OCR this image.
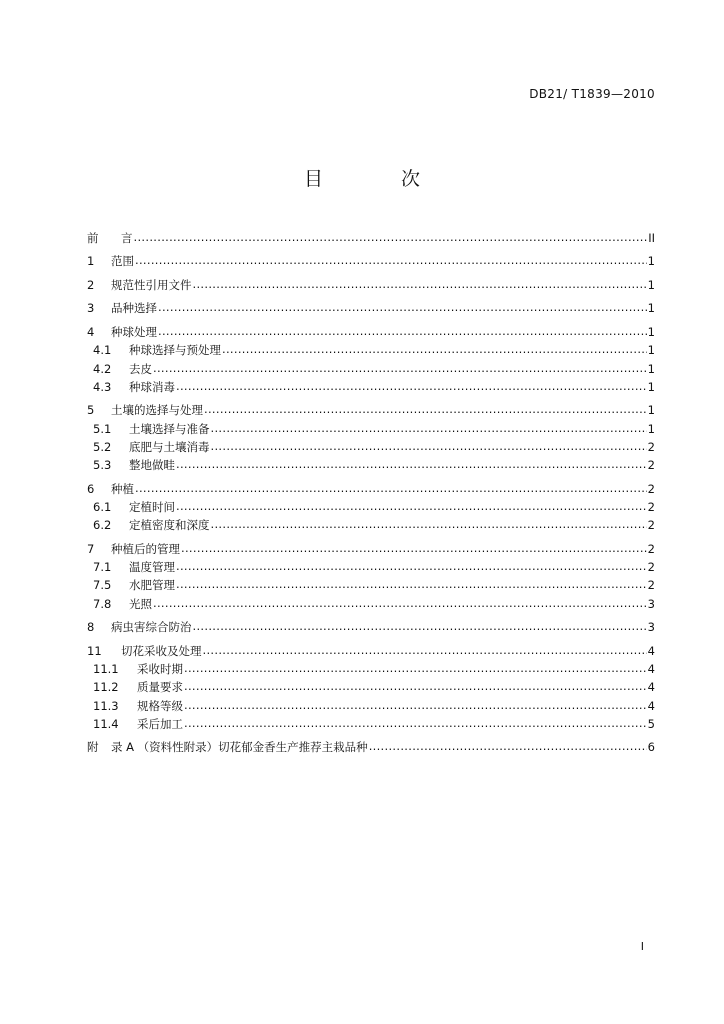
DB21/ T1839—2010
目 次
前	言 .....	II
1	范围 .....	1
2	规范性引用文件 .....	1
3	品种选择 .....	1
4	种球处理 .....	1
4.1	种球选择与预处理 .....	1
4.2	去皮 .....	1
4.3	种球消毒 .....	1
5	土壤的选择与处理 .....	1
5.1	土壤选择与准备 .....	1
5.2	底肥与土壤消毒 .....	2
5.3	整地做畦 .....	2
6	种植 .....	2
6.1	定植时间 .....	2
6.2	定植密度和深度 .....	2
7	种植后的管理 .....	2
7.1	温度管理 .....	2
7.5	水肥管理 .....	2
7.8	光照 .....	3
8	病虫害综合防治 .....	3
11	切花采收及处理 .....	4
11.1	采收时期 .....	4
11.2	质量要求 .....	4
11.3	规格等级 .....	4
11.4	采后加工 .....	5
附	录 A （资料性附录）切花郁金香生产推荐主栽品种 .....	6
I
